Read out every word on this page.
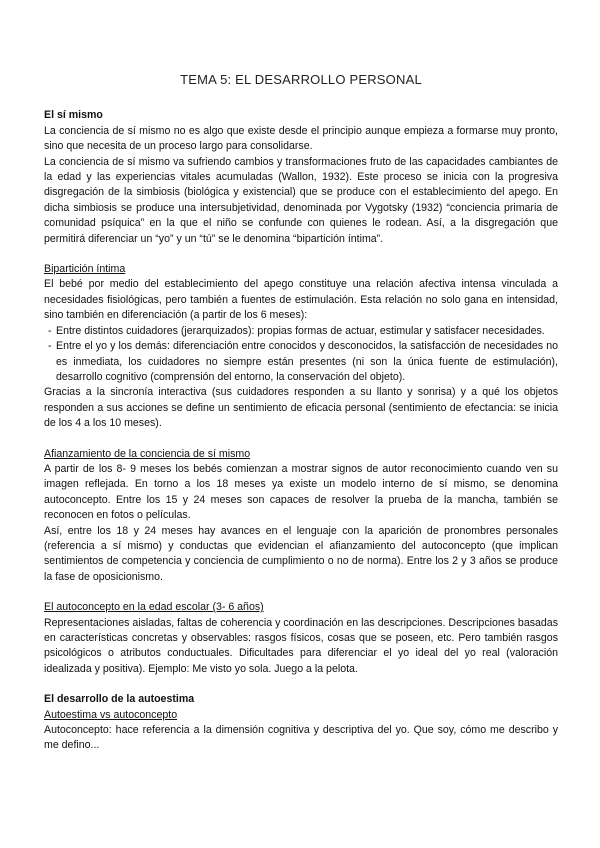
TEMA 5: EL DESARROLLO PERSONAL

El sí mismo

La conciencia de sí mismo no es algo que existe desde el principio aunque empieza a formarse muy pronto, sino que necesita de un proceso largo para consolidarse.

La conciencia de sí mismo va sufriendo cambios y transformaciones fruto de las capacidades cambiantes de la edad y las experiencias vitales acumuladas (Wallon, 1932). Este proceso se inicia con la progresiva disgregación de la simbiosis (biológica y existencial) que se produce con el establecimiento del apego. En dicha simbiosis se produce una intersubjetividad, denominada por Vygotsky (1932) “conciencia primaria de comunidad psíquica” en la que el niño se confunde con quienes le rodean. Así, a la disgregación que permitirá diferenciar un “yo” y un “tú” se le denomina “bipartición íntima”.

Bipartición íntima

El bebé por medio del establecimiento del apego constituye una relación afectiva intensa vinculada a necesidades fisiológicas, pero también a fuentes de estimulación. Esta relación no solo gana en intensidad, sino también en diferenciación (a partir de los 6 meses):

- Entre distintos cuidadores (jerarquizados): propias formas de actuar, estimular y satisfacer necesidades.
- Entre el yo y los demás: diferenciación entre conocidos y desconocidos, la satisfacción de necesidades no es inmediata, los cuidadores no siempre están presentes (ni son la única fuente de estimulación), desarrollo cognitivo (comprensión del entorno, la conservación del objeto).

Gracias a la sincronía interactiva (sus cuidadores responden a su llanto y sonrisa) y a qué los objetos responden a sus acciones se define un sentimiento de eficacia personal (sentimiento de efectancia: se inicia de los 4 a los 10 meses).

Afianzamiento de la conciencia de sí mismo

A partir de los 8- 9 meses los bebés comienzan a mostrar signos de autor reconocimiento cuando ven su imagen reflejada. En torno a los 18 meses ya existe un modelo interno de sí mismo, se denomina autoconcepto. Entre los 15 y 24 meses son capaces de resolver la prueba de la mancha, también se reconocen en fotos o películas.

Así, entre los 18 y 24 meses hay avances en el lenguaje con la aparición de pronombres personales (referencia a sí mismo) y conductas que evidencian el afianzamiento del autoconcepto (que implican sentimientos de competencia y conciencia de cumplimiento o no de norma). Entre los 2 y 3 años se produce la fase de oposicionismo.

El autoconcepto en la edad escolar (3- 6 años)

Representaciones aisladas, faltas de coherencia y coordinación en las descripciones. Descripciones basadas en características concretas y observables: rasgos físicos, cosas que se poseen, etc. Pero también rasgos psicológicos o atributos conductuales. Dificultades para diferenciar el yo ideal del yo real (valoración idealizada y positiva). Ejemplo: Me visto yo sola. Juego a la pelota.

El desarrollo de la autoestima

Autoestima vs autoconcepto

Autoconcepto: hace referencia a la dimensión cognitiva y descriptiva del yo. Que soy, cómo me describo y me defino...
